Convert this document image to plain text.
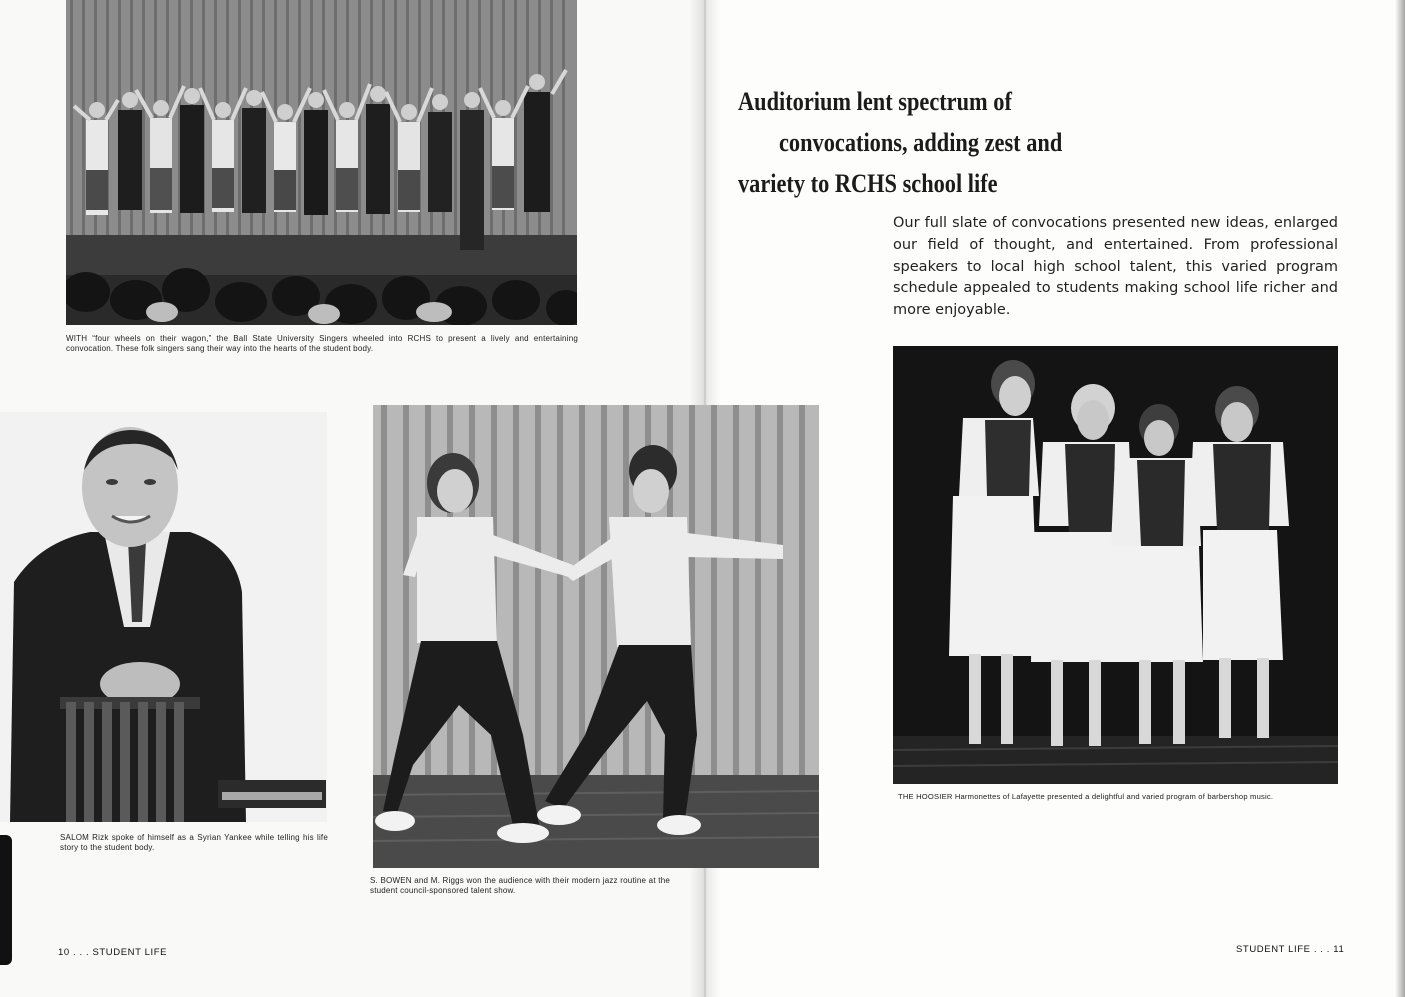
WITH “four wheels on their wagon,” the Ball State University Singers wheeled into RCHS to present a lively and entertaining convocation. These folk singers sang their way into the hearts of the student body.
SALOM Rizk spoke of himself as a Syrian Yankee while telling his life story to the student body.
S. BOWEN and M. Riggs won the audience with their modern jazz routine at the student council-sponsored talent show.
10 . . . STUDENT LIFE
Auditorium lent spectrum of
convocations, adding zest and
variety to RCHS school life
Our full slate of convocations presented new ideas, enlarged our field of thought, and entertained. From professional speakers to local high school talent, this varied program schedule appealed to students making school life richer and more enjoyable.
THE HOOSIER Harmonettes of Lafayette presented a delightful and varied program of barbershop music.
STUDENT LIFE . . . 11
